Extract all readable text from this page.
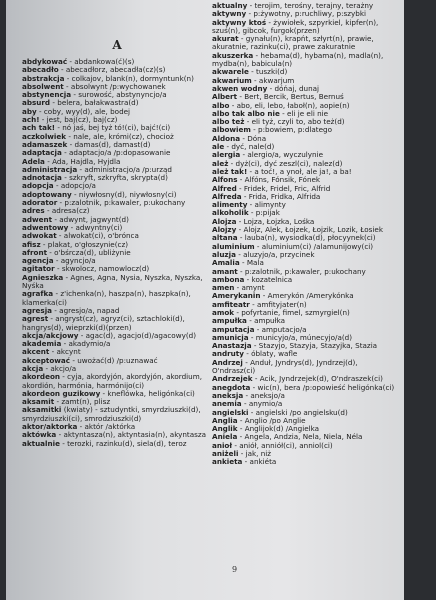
A

abdykować - abdankowa(ć)(s)

abecadło - abecadłorz, abecadła(cz)(s)

abstrakcja - colkajov, blank(n), dormyntunk(n)

absolwent - absolwynt /p:wychowanek

abstynencja - surowość, abstynyncjo/a

absurd - belera, bałakwastra(d)

aby - coby, wyy(d), ale, bodej

ach! - jest, baj(cz), baj(cz)

ach tak! - nó jaś, bej tyż tó!(ci), bajć!(ci)

aczkolwiek - nale, ale, krómi(cz), chocioż

adamaszek - damas(d), damast(d)

adaptacja - adaptacjo/a /p:dopasowanie

Adela - Ada, Hajdla, Hyjdla

administracja - administracjo/a /p:urząd

adnotacja - szkryft, szkryfta, skrypta(d)

adopcja - adopcjo/a

adoptowany - niywłosny(d), niywłosny(ci)

adorator - p:zalotnik, p:kawaler, p:ukochany

adres - adresa(cz)

adwent - adwynt, jagwynt(d)

adwentowy - adwyntny(ci)

adwokat - alwokat(ci), o'brónca

afisz - plakat, o'głoszynie(cz)

afront - o'bśrcza(d), ubliżynie

agencja - agyncjo/a

agitator - skwolocz, namowlocz(d)

Agnieszka - Agnes, Agna, Nysia, Nyszka, Nyszka, Nyśka

agrafka - z'ichenka(n), haszpa(n), haszpka(n), klamerka(ci)

agresja - agresjo/a, napad

agrest - angryst(cz), agryz(ci), sztachloki(d), hangrys(d), wieprzki(d)(przen)

akcja/akcjowy - agac(d), agacjo(d)/agacowy(d)

akademia - akadymio/a

akcent - akcynt

akceptować - uwożać(d) /p:uznawać

akcja - akcjo/a

akordeon - cyja, akordyjón, akordyjón, akordium, akordión, harmónia, harmónijo(ci)

akordeon guzikowy - kneflówka, heligónka(ci)

aksamit - zamt(n), plisz

aksamitki (kwiaty) - sztudyntki, smyrdziuszki(d), smyrdziuszki(ci), smrodziuszki(d)

aktor/aktorka - aktór /aktórka

aktówka - aktyntasza(n), aktyntasia(n), akyntasza

aktualnie - terozki, razinku(d), siela(d), teroz

aktualny - terojim, terośny, terajny, terażny

aktywny - p:żywotny, p:ruchliwy, p:szybki

aktywny ktoś - żywiołek, szpyrkiel, kipfer(n), szuś(n), gibcok, furgok(przen)

akurat - gynału(n), krapńt, szłyrt(n), prawie, akuratnie, razinku(ci), prawe zakuratnie

akuszerka - hebama(d), hybama(n), madla(n), mydba(n), babicula(n)

akwarele - tuszki(d)

akwarium - akwarjum

akwen wodny - dóńaj, dunaj

Albert - Bert, Bercik, Bertus, Bernuś

albo - abo, eli, lebo, łaboł(n), aopie(n)

albo tak albo nie - eli je eli nie

albo też - eli tyż, czyli to, abo też(d)

albowiem - p:bowiem, p:dlatego

Aldona - Dóna

ale - dyć, nale(d)

alergia - alergio/a, wyczulynie

ależ - dyż(ci), dyć zeszl(ci), nalez(d)

ależ tak! - a toć!, a ynoł, ale ja!, a ba!

Alfons - Alfóns, Fónsik, Fónek

Alfred - Fridek, Fridel, Fric, Alfrid

Alfreda - Frida, Fridka, Alfrida

alimenty - alimynty

alkoholik - p:pijak

Alojza - Lojza, Łojzka, Lośka

Alojzy - Alojz, Alek, Łojzek, Łojzik, Lozik, Łosiek

altana - lauba(n), wysiodka(d), płocyynek(ci)

aluminium - aluminium(ci) /alamunijowy(ci)

aluzja - aluzyjo/a, przycinek

Amalia - Mala

amant - p:zalotnik, p:kawaler, p:ukochany

ambona - kozatelnica

amen - amynt

Amerykanin - Amerykón /Amerykónka

amfiteatr - amfityjater(n)

amok - pofyrtanie, fimel, szmyrgiel(n)

ampułka - ampułka

amputacja - amputacjo/a

amunicja - municyjo/a, múnecyjo/a(d)

Anastazja - Stazyjo, Stazyja, Stazyjka, Stazia

andruty - óblaty, wafle

Andrzej - Anduł, Jyndrys(d), Jyndrzej(d), O'ndrasz(ci)

Andrzejek - Acik, Jyndrzejek(d), O'ndraszek(ci)

anegdota - wic(n), bera /p:opowieść heligónka(ci)

aneksja - aneksjo/a

anemia - anymio/a

angielski - angielski /po angielsku(d)

Anglia - Anglio /po Anglie

Anglik - Anglijok(d) /Angielka

Aniela - Angela, Andzia, Nela, Niela, Néla

anioł - aniół, anniół(ci), anniol(ci)

aniżeli - jak, niż

ankieta - ankiéta

9
